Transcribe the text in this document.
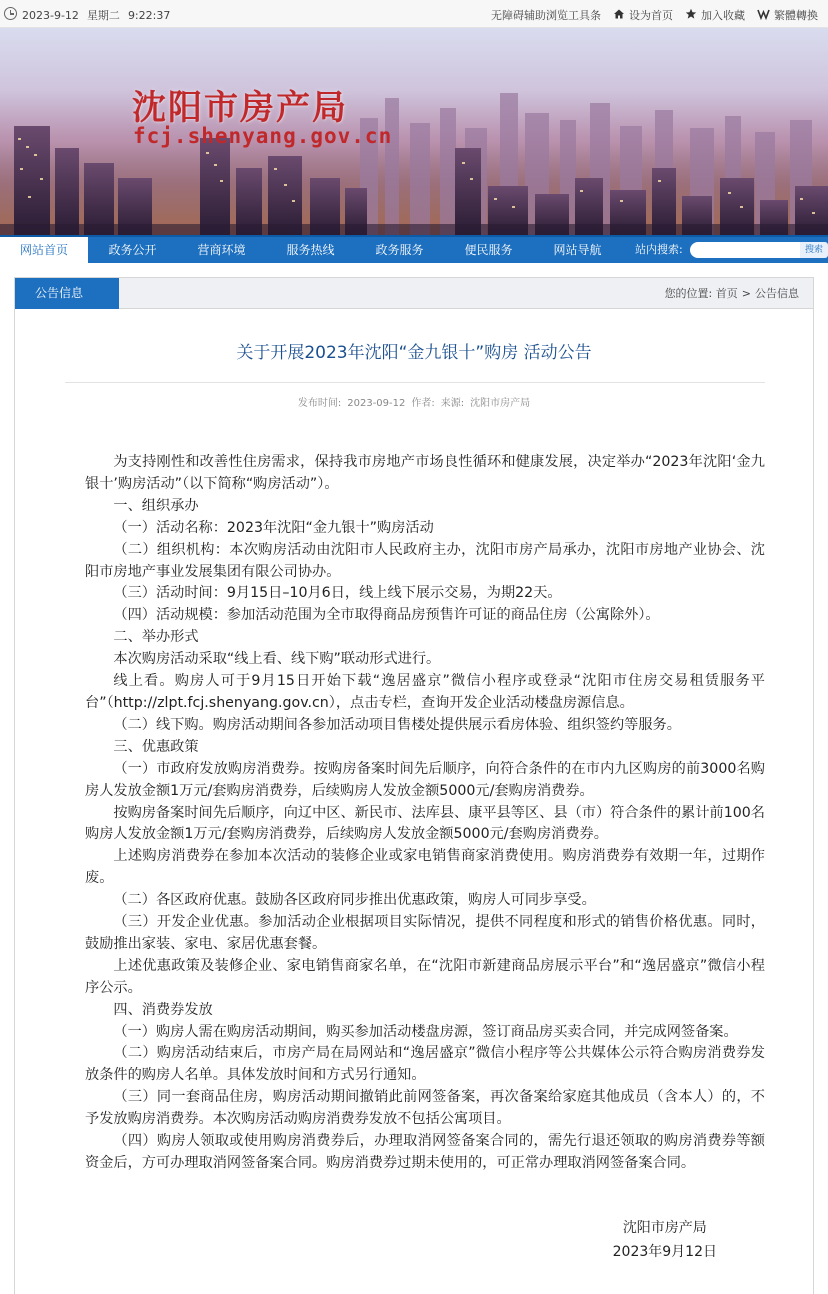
2023-9-12 星期二 9:22:37	无障碍辅助浏览工具条	设为首页	加入收藏	繁體轉換
沈阳市房产局
fcj.shenyang.gov.cn
网站首页	政务公开	营商环境	服务热线	政务服务	便民服务	网站导航	站内搜索:	搜索
公告信息	您的位置: 首页 > 公告信息
关于开展2023年沈阳“金九银十”购房 活动公告
发布时间: 2023-09-12 作者: 来源: 沈阳市房产局

为支持刚性和改善性住房需求，保持我市房地产市场良性循环和健康发展，决定举办“2023年沈阳‘金九银十’购房活动”（以下简称“购房活动”）。

一、组织承办

（一）活动名称：2023年沈阳“金九银十”购房活动

（二）组织机构：本次购房活动由沈阳市人民政府主办，沈阳市房产局承办，沈阳市房地产业协会、沈阳市房地产事业发展集团有限公司协办。

（三）活动时间：9月15日–10月6日，线上线下展示交易，为期22天。

（四）活动规模：参加活动范围为全市取得商品房预售许可证的商品住房（公寓除外）。

二、举办形式

本次购房活动采取“线上看、线下购”联动形式进行。

线上看。购房人可于9月15日开始下载“逸居盛京”微信小程序或登录“沈阳市住房交易租赁服务平台”（http://zlpt.fcj.shenyang.gov.cn），点击专栏，查询开发企业活动楼盘房源信息。

（二）线下购。购房活动期间各参加活动项目售楼处提供展示看房体验、组织签约等服务。

三、优惠政策

（一）市政府发放购房消费券。按购房备案时间先后顺序，向符合条件的在市内九区购房的前3000名购房人发放金额1万元/套购房消费券，后续购房人发放金额5000元/套购房消费券。

按购房备案时间先后顺序，向辽中区、新民市、法库县、康平县等区、县（市）符合条件的累计前100名购房人发放金额1万元/套购房消费券，后续购房人发放金额5000元/套购房消费券。

上述购房消费券在参加本次活动的装修企业或家电销售商家消费使用。购房消费券有效期一年，过期作废。

（二）各区政府优惠。鼓励各区政府同步推出优惠政策，购房人可同步享受。

（三）开发企业优惠。参加活动企业根据项目实际情况，提供不同程度和形式的销售价格优惠。同时，鼓励推出家装、家电、家居优惠套餐。

上述优惠政策及装修企业、家电销售商家名单，在“沈阳市新建商品房展示平台”和“逸居盛京”微信小程序公示。

四、消费券发放

（一）购房人需在购房活动期间，购买参加活动楼盘房源，签订商品房买卖合同，并完成网签备案。

（二）购房活动结束后，市房产局在局网站和“逸居盛京”微信小程序等公共媒体公示符合购房消费券发放条件的购房人名单。具体发放时间和方式另行通知。

（三）同一套商品住房，购房活动期间撤销此前网签备案，再次备案给家庭其他成员（含本人）的，不予发放购房消费券。本次购房活动购房消费券发放不包括公寓项目。

（四）购房人领取或使用购房消费券后，办理取消网签备案合同的，需先行退还领取的购房消费券等额资金后，方可办理取消网签备案合同。购房消费券过期未使用的，可正常办理取消网签备案合同。

沈阳市房产局
2023年9月12日
